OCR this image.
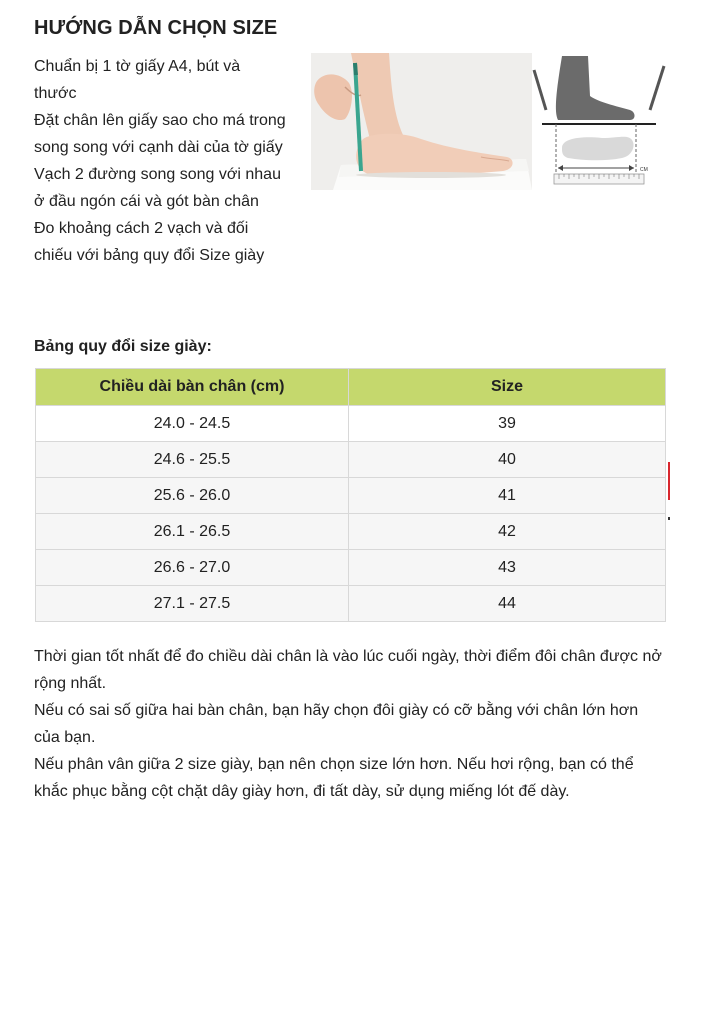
HƯỚNG DẪN CHỌN SIZE

Chuẩn bị 1 tờ giấy A4, bút và thước

Đặt chân lên giấy sao cho má trong song song với cạnh dài của tờ giấy

Vạch 2 đường song song với nhau ở đầu ngón cái và gót bàn chân

Đo khoảng cách 2 vạch và đối chiếu với bảng quy đổi Size giày

CM
Bảng quy đổi size giày:
Chiều dài bàn chân (cm)	Size
24.0 - 24.5	39
24.6 - 25.5	40
25.6 - 26.0	41
26.1 - 26.5	42
26.6 - 27.0	43
27.1 - 27.5	44

Thời gian tốt nhất để đo chiều dài chân là vào lúc cuối ngày, thời điểm đôi chân được nở rộng nhất.

Nếu có sai số giữa hai bàn chân, bạn hãy chọn đôi giày có cỡ bằng với chân lớn hơn của bạn.

Nếu phân vân giữa 2 size giày, bạn nên chọn size lớn hơn. Nếu hơi rộng, bạn có thể khắc phục bằng cột chặt dây giày hơn, đi tất dày, sử dụng miếng lót đế dày.
